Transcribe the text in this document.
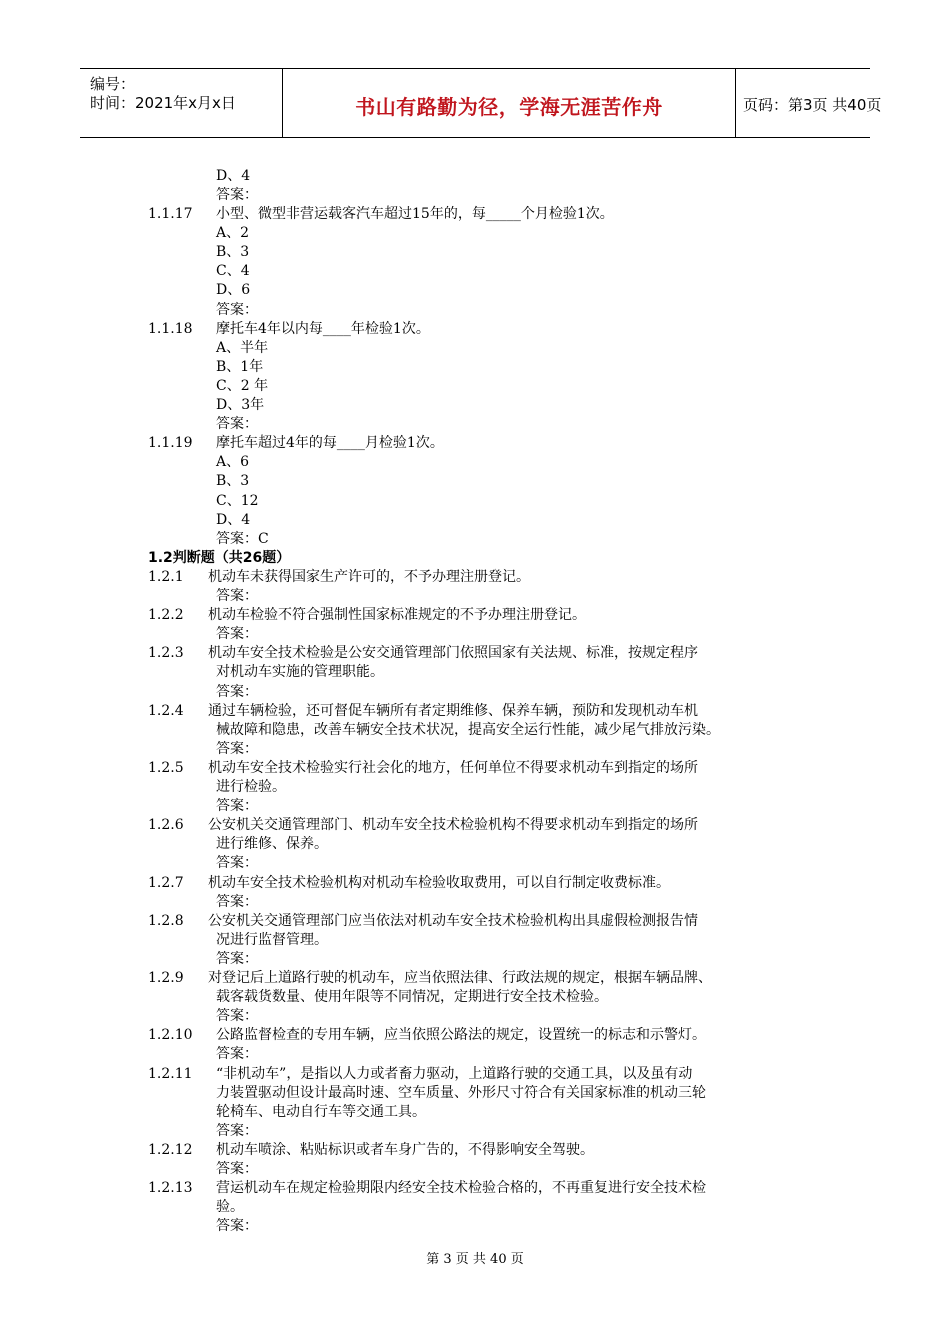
编号：
时间：2021年x月x日	书山有路勤为径，学海无涯苦作舟	页码：第3页 共40页
D、4
答案：
1.1.17 小型、微型非营运载客汽车超过15年的，每_____个月检验1次。
A、2
B、3
C、4
D、6
答案：
1.1.18 摩托车4年以内每____年检验1次。
A、半年
B、1年
C、2 年
D、3年
答案：
1.1.19 摩托车超过4年的每____月检验1次。
A、6
B、3
C、12
D、4
答案：C
1.2判断题（共26题）
1.2.1 机动车未获得国家生产许可的，不予办理注册登记。
答案：
1.2.2 机动车检验不符合强制性国家标准规定的不予办理注册登记。
答案：
1.2.3 机动车安全技术检验是公安交通管理部门依照国家有关法规、标准，按规定程序
对机动车实施的管理职能。
答案：
1.2.4 通过车辆检验，还可督促车辆所有者定期维修、保养车辆，预防和发现机动车机
械故障和隐患，改善车辆安全技术状况，提高安全运行性能，减少尾气排放污染。
答案：
1.2.5 机动车安全技术检验实行社会化的地方，任何单位不得要求机动车到指定的场所
进行检验。
答案：
1.2.6 公安机关交通管理部门、机动车安全技术检验机构不得要求机动车到指定的场所
进行维修、保养。
答案：
1.2.7 机动车安全技术检验机构对机动车检验收取费用，可以自行制定收费标准。
答案：
1.2.8 公安机关交通管理部门应当依法对机动车安全技术检验机构出具虚假检测报告情
况进行监督管理。
答案：
1.2.9 对登记后上道路行驶的机动车，应当依照法律、行政法规的规定，根据车辆品牌、
载客载货数量、使用年限等不同情况，定期进行安全技术检验。
答案：
1.2.10 公路监督检查的专用车辆，应当依照公路法的规定，设置统一的标志和示警灯。
答案：
1.2.11 “非机动车”，是指以人力或者畜力驱动，上道路行驶的交通工具，以及虽有动
力装置驱动但设计最高时速、空车质量、外形尺寸符合有关国家标准的机动三轮
轮椅车、电动自行车等交通工具。
答案：
1.2.12 机动车喷涂、粘贴标识或者车身广告的，不得影响安全驾驶。
答案：
1.2.13 营运机动车在规定检验期限内经安全技术检验合格的，不再重复进行安全技术检
验。
答案：
第 3 页 共 40 页
